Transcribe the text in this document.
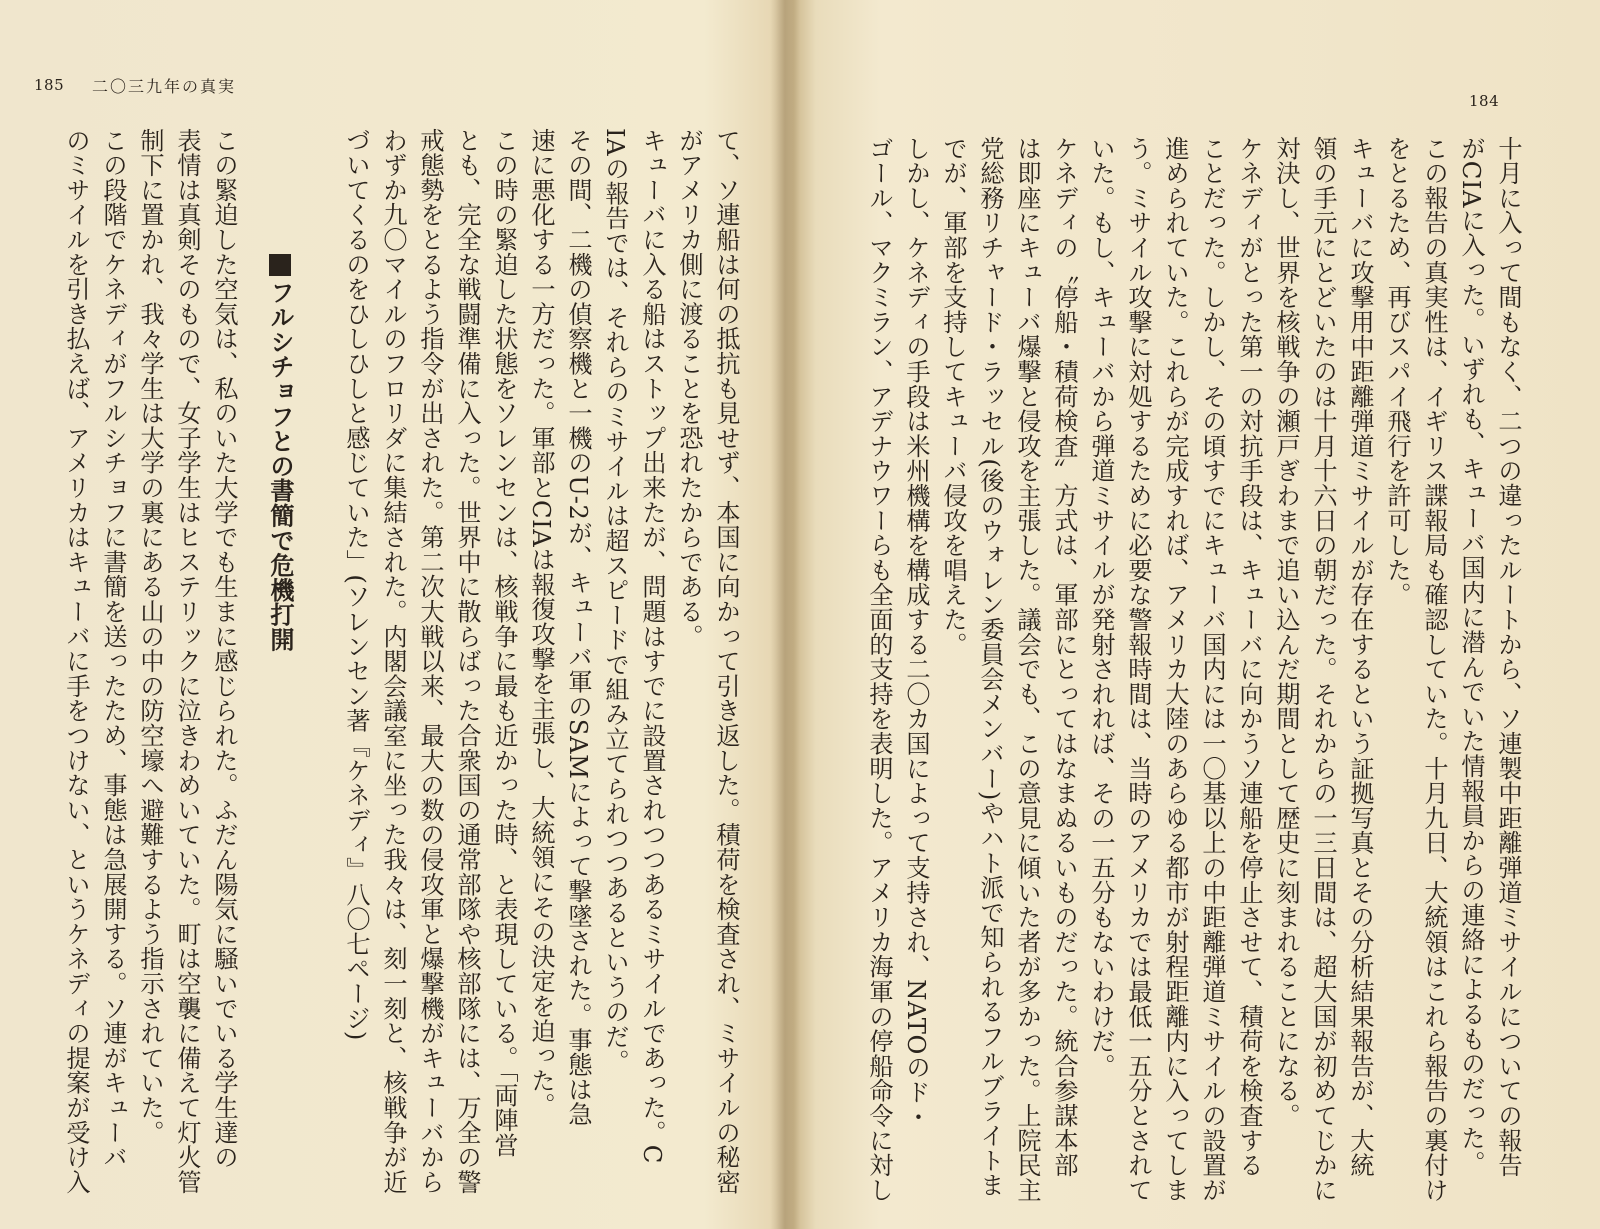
185 二〇三九年の真実
て、ソ連船は何の抵抗も見せず、本国に向かって引き返した。積荷を検査され、ミサイルの秘密
がアメリカ側に渡ることを恐れたからである。
キューバに入る船はストップ出来たが、問題はすでに設置されつつあるミサイルであった。C
IAの報告では、それらのミサイルは超スピードで組み立てられつつあるというのだ。
その間、二機の偵察機と一機のU-2が、キューバ軍のSAMによって撃墜された。事態は急
速に悪化する一方だった。軍部とCIAは報復攻撃を主張し、大統領にその決定を迫った。
この時の緊迫した状態をソレンセンは、核戦争に最も近かった時、と表現している。「両陣営
とも、完全な戦闘準備に入った。世界中に散らばった合衆国の通常部隊や核部隊には、万全の警
戒態勢をとるよう指令が出された。第二次大戦以来、最大の数の侵攻軍と爆撃機がキューバから
わずか九〇マイルのフロリダに集結された。内閣会議室に坐った我々は、刻一刻と、核戦争が近
づいてくるのをひしひしと感じていた」(ソレンセン著『ケネディ』八〇七ページ)
フルシチョフとの書簡で危機打開
この緊迫した空気は、私のいた大学でも生まに感じられた。ふだん陽気に騒いでいる学生達の
表情は真剣そのもので、女子学生はヒステリックに泣きわめいていた。町は空襲に備えて灯火管
制下に置かれ、我々学生は大学の裏にある山の中の防空壕へ避難するよう指示されていた。
この段階でケネディがフルシチョフに書簡を送ったため、事態は急展開する。ソ連がキューバ
のミサイルを引き払えば、アメリカはキューバに手をつけない、というケネディの提案が受け入
184
十月に入って間もなく、二つの違ったルートから、ソ連製中距離弾道ミサイルについての報告
がCIAに入った。いずれも、キューバ国内に潜んでいた情報員からの連絡によるものだった。
この報告の真実性は、イギリス諜報局も確認していた。十月九日、大統領はこれら報告の裏付け
をとるため、再びスパイ飛行を許可した。
キューバに攻撃用中距離弾道ミサイルが存在するという証拠写真とその分析結果報告が、大統
領の手元にとどいたのは十月十六日の朝だった。それからの一三日間は、超大国が初めてじかに
対決し、世界を核戦争の瀬戸ぎわまで追い込んだ期間として歴史に刻まれることになる。
ケネディがとった第一の対抗手段は、キューバに向かうソ連船を停止させて、積荷を検査する
ことだった。しかし、その頃すでにキューバ国内には一〇基以上の中距離弾道ミサイルの設置が
進められていた。これらが完成すれば、アメリカ大陸のあらゆる都市が射程距離内に入ってしま
う。ミサイル攻撃に対処するために必要な警報時間は、当時のアメリカでは最低一五分とされて
いた。もし、キューバから弾道ミサイルが発射されれば、その一五分もないわけだ。
ケネディの〝停船・積荷検査〟方式は、軍部にとってはなまぬるいものだった。統合参謀本部
は即座にキューバ爆撃と侵攻を主張した。議会でも、この意見に傾いた者が多かった。上院民主
党総務リチャード・ラッセル(後のウォレン委員会メンバー)やハト派で知られるフルブライトま
でが、軍部を支持してキューバ侵攻を唱えた。
しかし、ケネディの手段は米州機構を構成する二〇カ国によって支持され、NATOのド・
ゴール、マクミラン、アデナウワーらも全面的支持を表明した。アメリカ海軍の停船命令に対し
